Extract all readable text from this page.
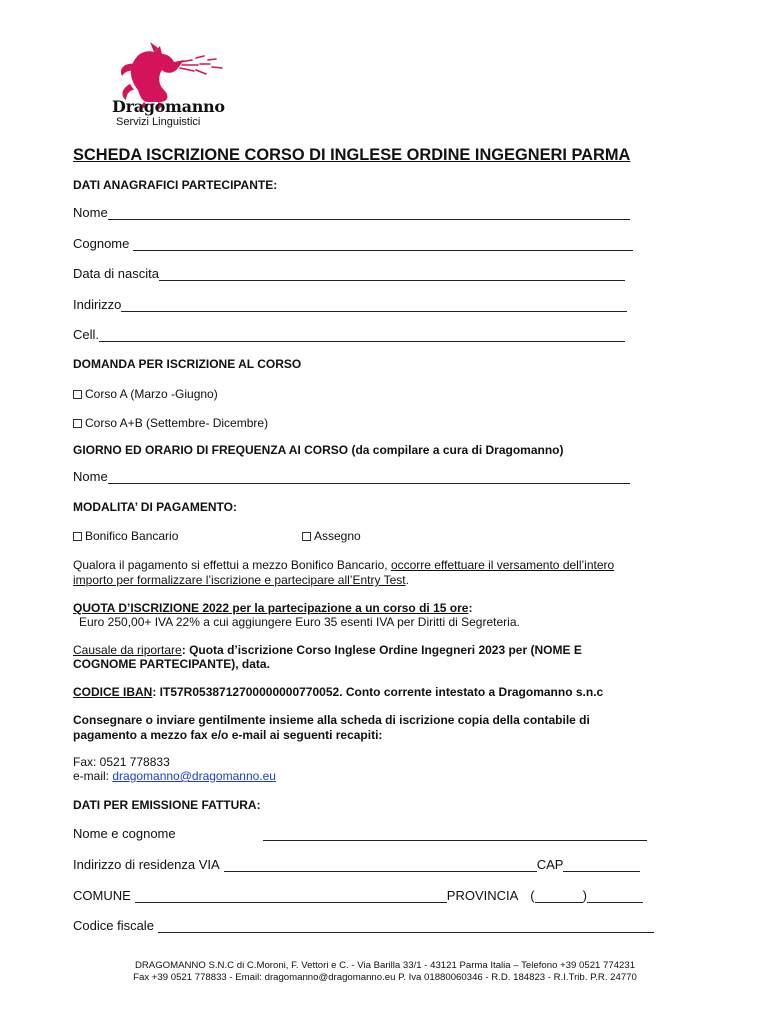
Dragomanno
Servizi Linguistici
SCHEDA ISCRIZIONE CORSO DI INGLESE ORDINE INGEGNERI PARMA
DATI ANAGRAFICI PARTECIPANTE:
Nome
Cognome
Data di nascita
Indirizzo
Cell.
DOMANDA PER ISCRIZIONE AL CORSO
Corso A (Marzo -Giugno)
Corso A+B (Settembre- Dicembre)
GIORNO ED ORARIO DI FREQUENZA AI CORSO (da compilare a cura di Dragomanno)
Nome
MODALITA’ DI PAGAMENTO:
Bonifico Bancario	Assegno
Qualora il pagamento si effettui a mezzo Bonifico Bancario, occorre effettuare il versamento dell’intero
importo per formalizzare l’iscrizione e partecipare all’Entry Test.
QUOTA D’ISCRIZIONE 2022 per la partecipazione a un corso di 15 ore:
Euro 250,00+ IVA 22% a cui aggiungere Euro 35 esenti IVA per Diritti di Segreteria.
Causale da riportare: Quota d’iscrizione Corso Inglese Ordine Ingegneri 2023 per (NOME E
COGNOME PARTECIPANTE), data.
CODICE IBAN: IT57R0538712700000000770052. Conto corrente intestato a Dragomanno s.n.c
Consegnare o inviare gentilmente insieme alla scheda di iscrizione copia della contabile di
pagamento a mezzo fax e/o e-mail ai seguenti recapiti:
Fax: 0521 778833
e-mail: dragomanno@dragomanno.eu
DATI PER EMISSIONE FATTURA:
Nome e cognome
Indirizzo di residenza VIA	CAP
COMUNE	PROVINCIA (	)
Codice fiscale
DRAGOMANNO S.N.C di C.Moroni, F. Vettori e C. - Via Barilla 33/1 - 43121 Parma Italia – Telefono +39 0521 774231
Fax +39 0521 778833 - Email: dragomanno@dragomanno.eu P. Iva 01880060346 - R.D. 184823 - R.I.Trib. P.R. 24770
